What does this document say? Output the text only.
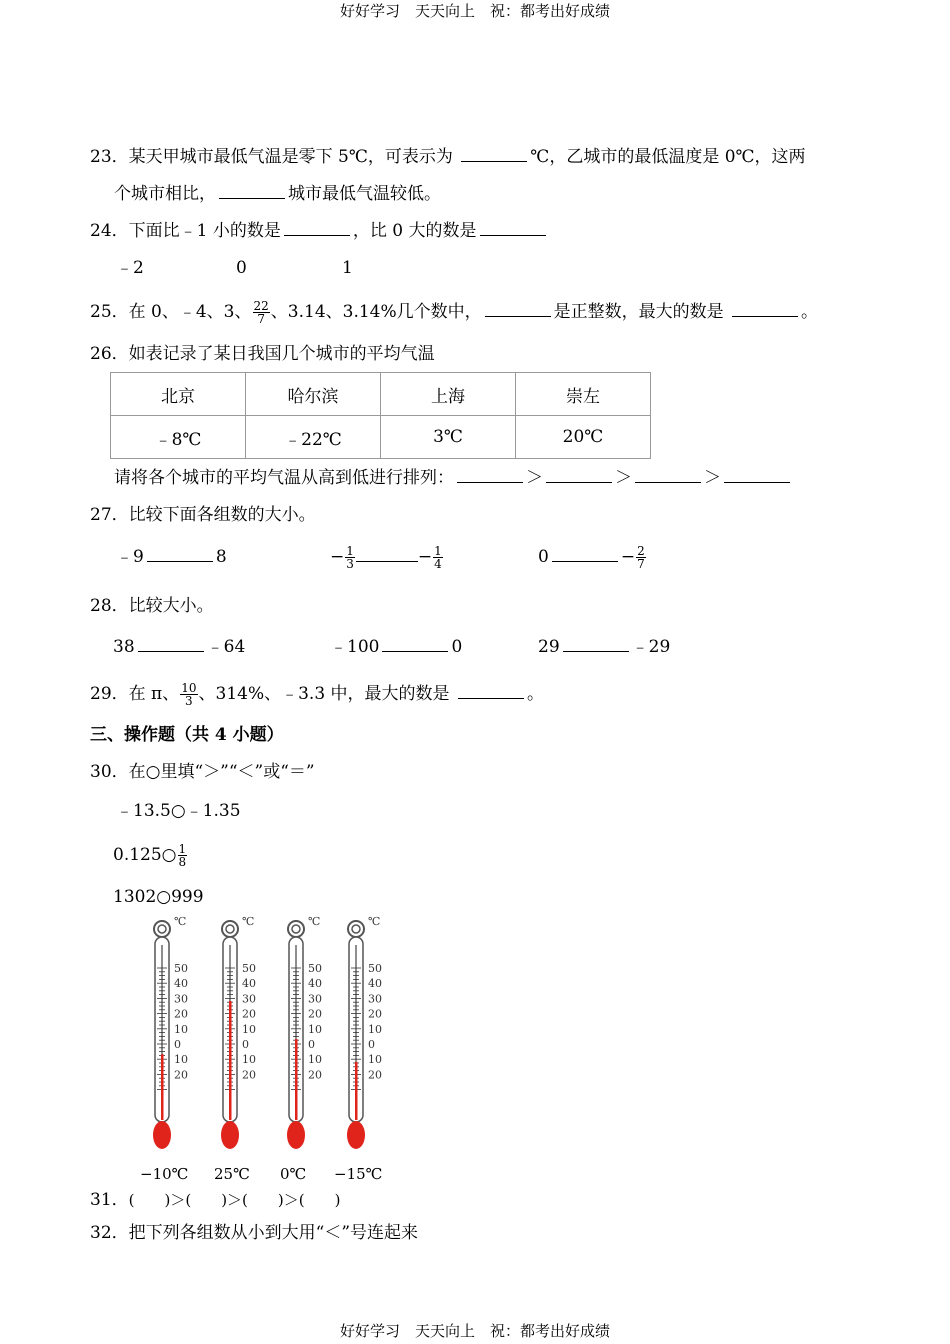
好好学习　天天向上　祝：都考出好成绩
23．某天甲城市最低气温是零下 5℃，可表示为	℃，乙城市的最低温度是 0℃，这两
个城市相比，	城市最低气温较低。
24．下面比﹣1 小的数是	，比 0 大的数是
﹣2	0	1
25．在 0、﹣4、3、 $\frac{22}{7}$ 、3.14、3.14%几个数中，	是正整数，最大的数是	。
26．如表记录了某日我国几个城市的平均气温
北京	哈尔滨	上海	崇左
﹣8℃	﹣22℃	3℃	20℃
请将各个城市的平均气温从高到低进行排列：	＞	＞	＞
27．比较下面各组数的大小。
﹣9	8	− $\frac{1}{3}$	− $\frac{1}{4}$	0	− $\frac{2}{7}$
28．比较大小。
38	﹣64	﹣100	0	29	﹣29
29．在 π、 $\frac{10}{3}$ 、314%、﹣3.3 中，最大的数是	。
三、操作题（共 4 小题）
30．在○里填“＞”“＜”或“＝”
﹣13.5○﹣1.35
0.125○ $\frac{1}{8}$
1302○999
℃
50
40
30
20
10
0
10
20
−10℃
℃
50
40
30
20
10
0
10
20
25℃
℃
50
40
30
20
10
0
10
20
0℃
℃
50
40
30
20
10
0
10
20
−15℃
31．(　　)＞(　　)＞(　　)＞(　　)
32．把下列各组数从小到大用“＜”号连起来
好好学习　天天向上　祝：都考出好成绩
